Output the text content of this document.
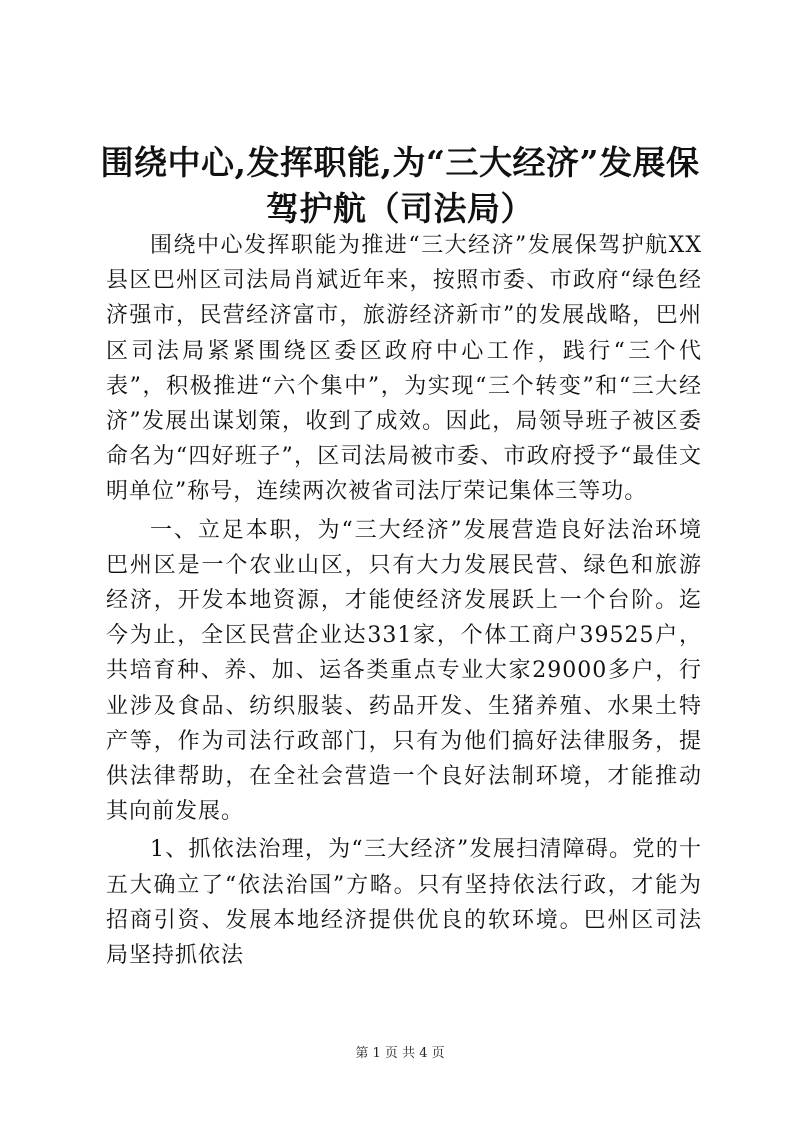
围绕中心,发挥职能,为“三大经济”发展保驾护航（司法局）

围绕中心发挥职能为推进“三大经济”发展保驾护航XX县区巴州区司法局肖斌近年来，按照市委、市政府“绿色经济强市，民营经济富市，旅游经济新市”的发展战略，巴州区司法局紧紧围绕区委区政府中心工作，践行“三个代表”，积极推进“六个集中”，为实现“三个转变”和“三大经济”发展出谋划策，收到了成效。因此，局领导班子被区委命名为“四好班子”，区司法局被市委、市政府授予“最佳文明单位”称号，连续两次被省司法厅荣记集体三等功。

一、立足本职，为“三大经济”发展营造良好法治环境巴州区是一个农业山区，只有大力发展民营、绿色和旅游经济，开发本地资源，才能使经济发展跃上一个台阶。迄今为止，全区民营企业达331家，个体工商户39525户，共培育种、养、加、运各类重点专业大家29000多户，行业涉及食品、纺织服装、药品开发、生猪养殖、水果土特产等，作为司法行政部门，只有为他们搞好法律服务，提供法律帮助，在全社会营造一个良好法制环境，才能推动其向前发展。

1、抓依法治理，为“三大经济”发展扫清障碍。党的十五大确立了“依法治国”方略。只有坚持依法行政，才能为招商引资、发展本地经济提供优良的软环境。巴州区司法局坚持抓依法

第 1 页 共 4 页
